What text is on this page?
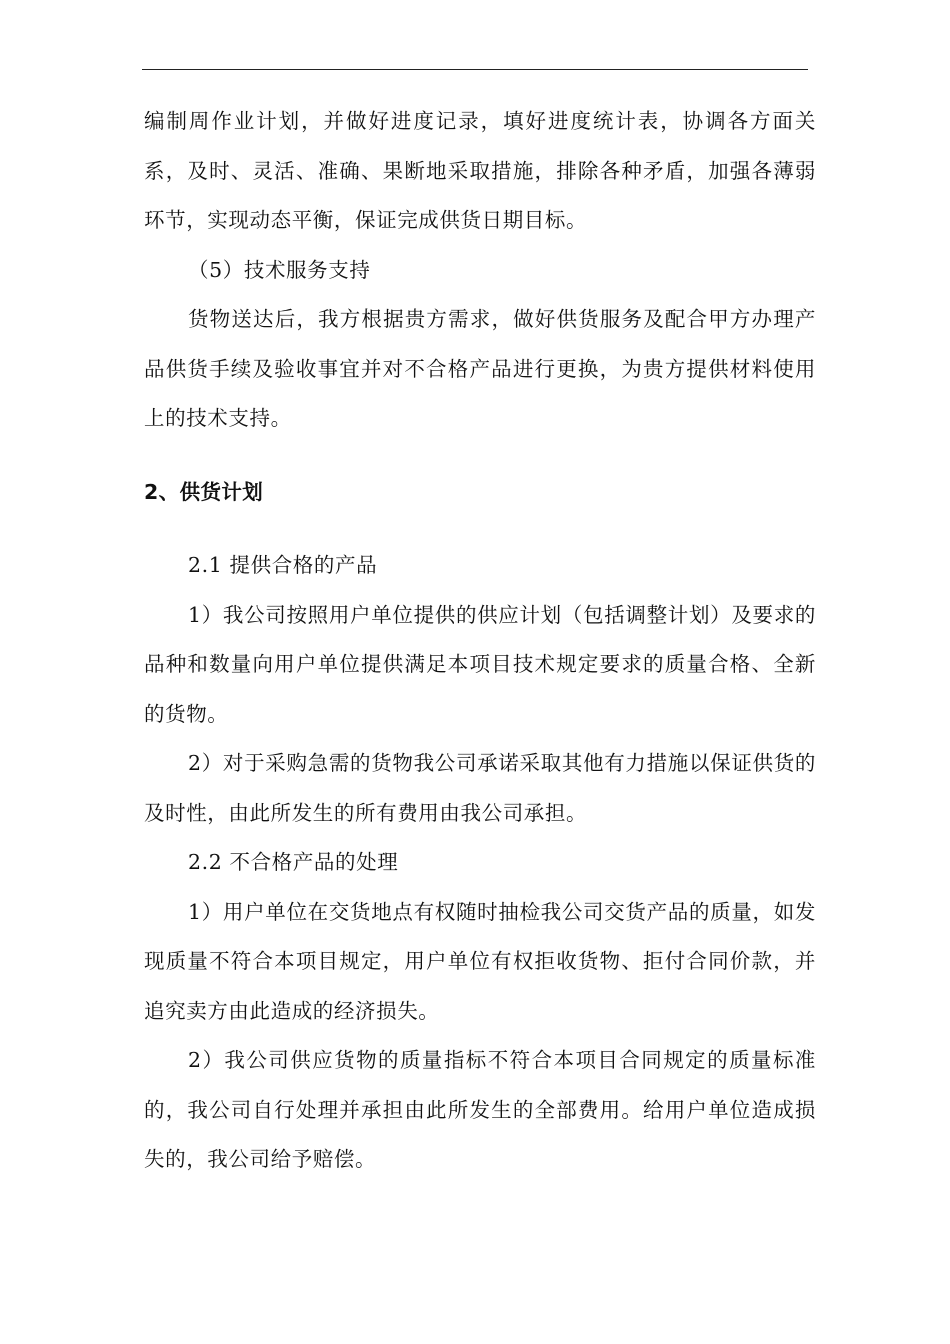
编制周作业计划，并做好进度记录，填好进度统计表，协调各方面关系，及时、灵活、准确、果断地采取措施，排除各种矛盾，加强各薄弱环节，实现动态平衡，保证完成供货日期目标。

（5）技术服务支持

货物送达后，我方根据贵方需求，做好供货服务及配合甲方办理产品供货手续及验收事宜并对不合格产品进行更换，为贵方提供材料使用上的技术支持。

2、供货计划

2.1 提供合格的产品

1）我公司按照用户单位提供的供应计划（包括调整计划）及要求的品种和数量向用户单位提供满足本项目技术规定要求的质量合格、全新的货物。

2）对于采购急需的货物我公司承诺采取其他有力措施以保证供货的及时性，由此所发生的所有费用由我公司承担。

2.2 不合格产品的处理

1）用户单位在交货地点有权随时抽检我公司交货产品的质量，如发现质量不符合本项目规定，用户单位有权拒收货物、拒付合同价款，并追究卖方由此造成的经济损失。

2）我公司供应货物的质量指标不符合本项目合同规定的质量标准的，我公司自行处理并承担由此所发生的全部费用。给用户单位造成损失的，我公司给予赔偿。
